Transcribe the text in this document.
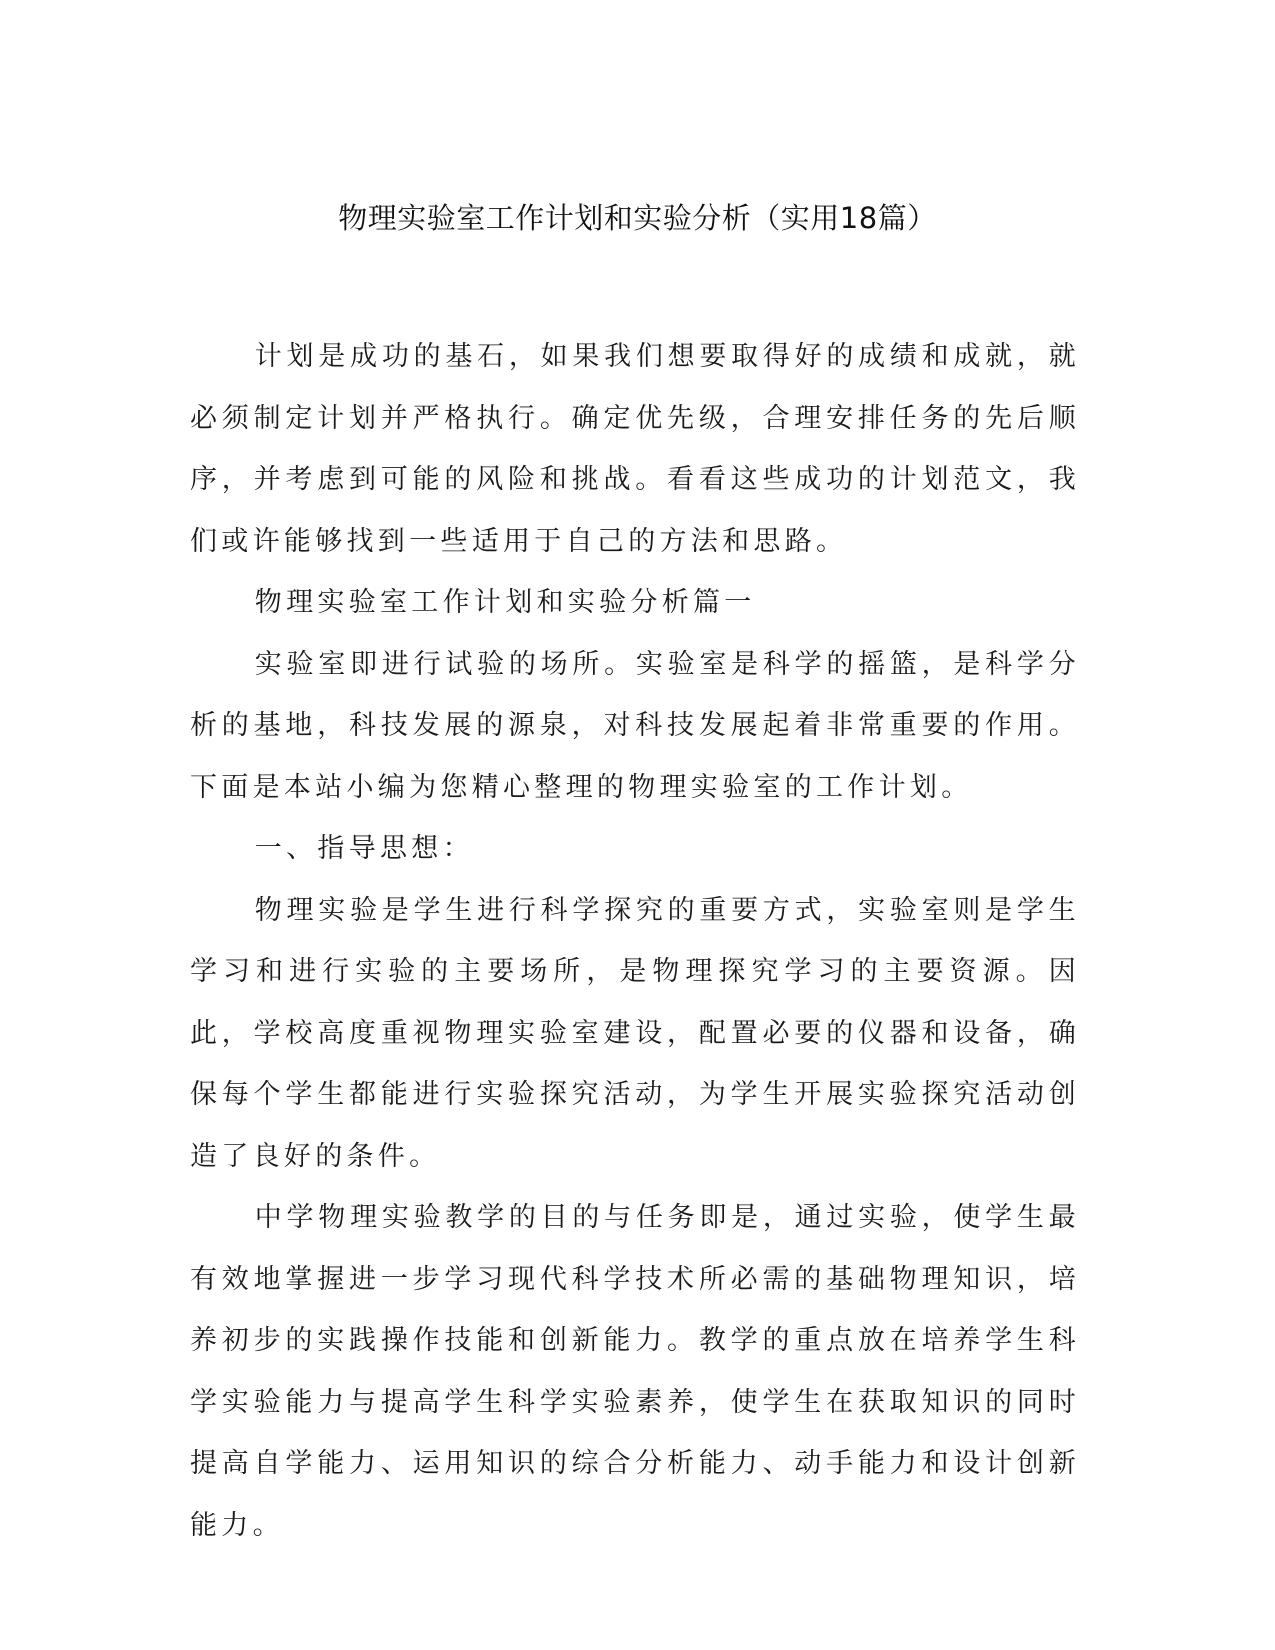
物理实验室工作计划和实验分析（实用18篇）

计划是成功的基石，如果我们想要取得好的成绩和成就，就必须制定计划并严格执行。确定优先级，合理安排任务的先后顺序，并考虑到可能的风险和挑战。看看这些成功的计划范文，我们或许能够找到一些适用于自己的方法和思路。

物理实验室工作计划和实验分析篇一

实验室即进行试验的场所。实验室是科学的摇篮，是科学分析的基地，科技发展的源泉，对科技发展起着非常重要的作用。下面是本站小编为您精心整理的物理实验室的工作计划。

一、指导思想：

物理实验是学生进行科学探究的重要方式，实验室则是学生学习和进行实验的主要场所，是物理探究学习的主要资源。因此，学校高度重视物理实验室建设，配置必要的仪器和设备，确保每个学生都能进行实验探究活动，为学生开展实验探究活动创造了良好的条件。

中学物理实验教学的目的与任务即是，通过实验，使学生最有效地掌握进一步学习现代科学技术所必需的基础物理知识，培养初步的实践操作技能和创新能力。教学的重点放在培养学生科学实验能力与提高学生科学实验素养，使学生在获取知识的同时提高自学能力、运用知识的综合分析能力、动手能力和设计创新能力。
